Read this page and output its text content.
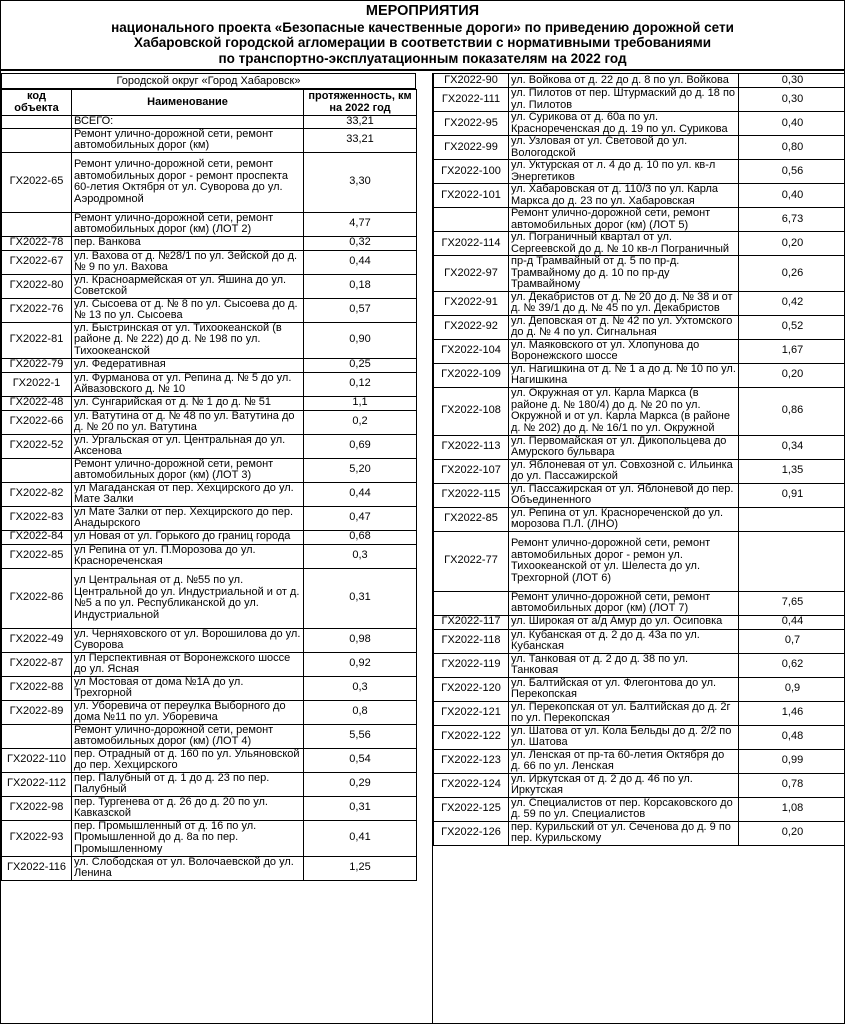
МЕРОПРИЯТИЯ
национального проекта «Безопасные качественные дороги» по приведению дорожной сети
Хабаровской городской агломерации в соответствии с нормативными требованиями
по транспортно-эксплуатационным показателям на 2022 год
Городской округ «Город Хабаровск»
код объекта	Наименование	протяженность, км на 2022 год
	ВСЕГО:	33,21
	Ремонт улично-дорожной сети, ремонт автомобильных дорог (км)	33,21
ГХ2022-65	Ремонт улично-дорожной сети, ремонт автомобильных дорог - ремонт проспекта 60-летия Октября от ул. Суворова до ул. Аэродромной	3,30
	Ремонт улично-дорожной сети, ремонт автомобильных дорог (км) (ЛОТ 2)	4,77
ГХ2022-78	пер. Ванкова	0,32
ГХ2022-67	ул. Вахова от д. №28/1 по ул. Зейской до д. № 9 по ул. Вахова	0,44
ГХ2022-80	ул. Красноармейская от ул. Яшина до ул. Советской	0,18
ГХ2022-76	ул. Сысоева от д. № 8 по ул. Сысоева до д. № 13 по ул. Сысоева	0,57
ГХ2022-81	ул. Быстринская от ул. Тихоокеанской (в районе д. № 222) до д. № 198 по ул. Тихоокеанской	0,90
ГХ2022-79	ул. Федеративная	0,25
ГХ2022-1	ул. Фурманова от ул. Репина д. № 5 до ул. Айвазовского д. № 10	0,12
ГХ2022-48	ул. Сунгарийская от д. № 1 до д. № 51	1,1
ГХ2022-66	ул. Ватутина от д. № 48 по ул. Ватутина до д. № 20 по ул. Ватутина	0,2
ГХ2022-52	ул. Ургальская от ул. Центральная до ул. Аксенова	0,69
	Ремонт улично-дорожной сети, ремонт автомобильных дорог (км) (ЛОТ 3)	5,20
ГХ2022-82	ул Магаданская от пер. Хехцирского до ул. Мате Залки	0,44
ГХ2022-83	ул Мате Залки от пер. Хехцирского до пер. Анадырского	0,47
ГХ2022-84	ул Новая от ул. Горького до границ города	0,68
ГХ2022-85	ул Репина от ул. П.Морозова до ул. Краснореченская	0,3
ГХ2022-86	ул Центральная от д. №55 по ул. Центральной до ул. Индустриальной и от д. №5 а по ул. Республиканской до ул. Индустриальной	0,31
ГХ2022-49	ул. Черняховского от ул. Ворошилова до ул. Суворова	0,98
ГХ2022-87	ул Перспективная от Воронежского шоссе до ул. Ясная	0,92
ГХ2022-88	ул Мостовая от дома №1А до ул. Трехгорной	0,3
ГХ2022-89	ул. Уборевича от переулка Выборного до дома №11 по ул. Уборевича	0,8
	Ремонт улично-дорожной сети, ремонт автомобильных дорог (км) (ЛОТ 4)	5,56
ГХ2022-110	пер. Отрадный от д. 160 по ул. Ульяновской до пер. Хехцирского	0,54
ГХ2022-112	пер. Палубный от д. 1 до д. 23 по пер. Палубный	0,29
ГХ2022-98	пер. Тургенева от д. 26 до д. 20 по ул. Кавказской	0,31
ГХ2022-93	пер. Промышленный от д. 16 по ул. Промышленной до д. 8а по пер. Промышленному	0,41
ГХ2022-116	ул. Слободская от ул. Волочаевской до ул. Ленина	1,25
ГХ2022-90	ул. Войкова от д. 22 до д. 8 по ул. Войкова	0,30
ГХ2022-111	ул. Пилотов от пер. Штурмаский до д. 18 по ул. Пилотов	0,30
ГХ2022-95	ул. Сурикова от д. 60а по ул. Краснореченская до д. 19 по ул. Сурикова	0,40
ГХ2022-99	ул. Узловая от ул. Световой до ул. Вологодской	0,80
ГХ2022-100	ул. Уктурская от л. 4 до д. 10 по ул. кв-л Энергетиков	0,56
ГХ2022-101	ул. Хабаровская от д. 110/3 по ул. Карла Маркса до д. 23 по ул. Хабаровская	0,40
	Ремонт улично-дорожной сети, ремонт автомобильных дорог (км) (ЛОТ 5)	6,73
ГХ2022-114	ул. Пограничный квартал от ул. Сергеевской до д. № 10 кв-л Пограничный	0,20
ГХ2022-97	пр-д Трамвайный от д. 5 по пр-д. Трамвайному до д. 10 по пр-ду Трамвайному	0,26
ГХ2022-91	ул. Декабристов от д. № 20 до д. № 38 и от д. № 39/1 до д. № 45 по ул. Декабристов	0,42
ГХ2022-92	ул. Деповская от д. № 42 по ул. Ухтомского до д. № 4 по ул. Сигнальная	0,52
ГХ2022-104	ул. Маяковского от ул. Хлопунова до Воронежского шоссе	1,67
ГХ2022-109	ул. Нагишкина от д. № 1 а до д. № 10 по ул. Нагишкина	0,20
ГХ2022-108	ул. Окружная от ул. Карла Маркса (в районе д. № 180/4) до д. № 20 по ул. Окружной и от ул. Карла Маркса (в районе д. № 202) до д. № 16/1 по ул. Окружной	0,86
ГХ2022-113	ул. Первомайская от ул. Дикопольцева до Амурского бульвара	0,34
ГХ2022-107	ул. Яблоневая от ул. Совхозной с. Ильинка до ул. Пассажирской	1,35
ГХ2022-115	ул. Пассажирская от ул. Яблоневой до пер. Объединенного	0,91
ГХ2022-85	ул. Репина от ул. Краснореченской до ул. морозова П.Л. (ЛНО)	
ГХ2022-77	Ремонт улично-дорожной сети, ремонт автомобильных дорог - ремон ул. Тихоокеанской от ул. Шелеста до ул. Трехгорной (ЛОТ 6)	
	Ремонт улично-дорожной сети, ремонт автомобильных дорог (км) (ЛОТ 7)	7,65
ГХ2022-117	ул. Широкая от а/д Амур до ул. Осиповка	0,44
ГХ2022-118	ул. Кубанская от д. 2 до д. 43а по ул. Кубанская	0,7
ГХ2022-119	ул. Танковая от д. 2 до д. 38 по ул. Танковая	0,62
ГХ2022-120	ул. Балтийская от ул. Флегонтова до ул. Перекопская	0,9
ГХ2022-121	ул. Перекопская от ул. Балтийская до д. 2г по ул. Перекопская	1,46
ГХ2022-122	ул. Шатова от ул. Кола Бельды до д. 2/2 по ул. Шатова	0,48
ГХ2022-123	ул. Ленская от пр-та 60-летия Октября до д. 66 по ул. Ленская	0,99
ГХ2022-124	ул. Иркутская от д. 2 до д. 46 по ул. Иркутская	0,78
ГХ2022-125	ул. Специалистов от пер. Корсаковского до д. 59 по ул. Специалистов	1,08
ГХ2022-126	пер. Курильский от ул. Сеченова до д. 9 по пер. Курильскому	0,20
